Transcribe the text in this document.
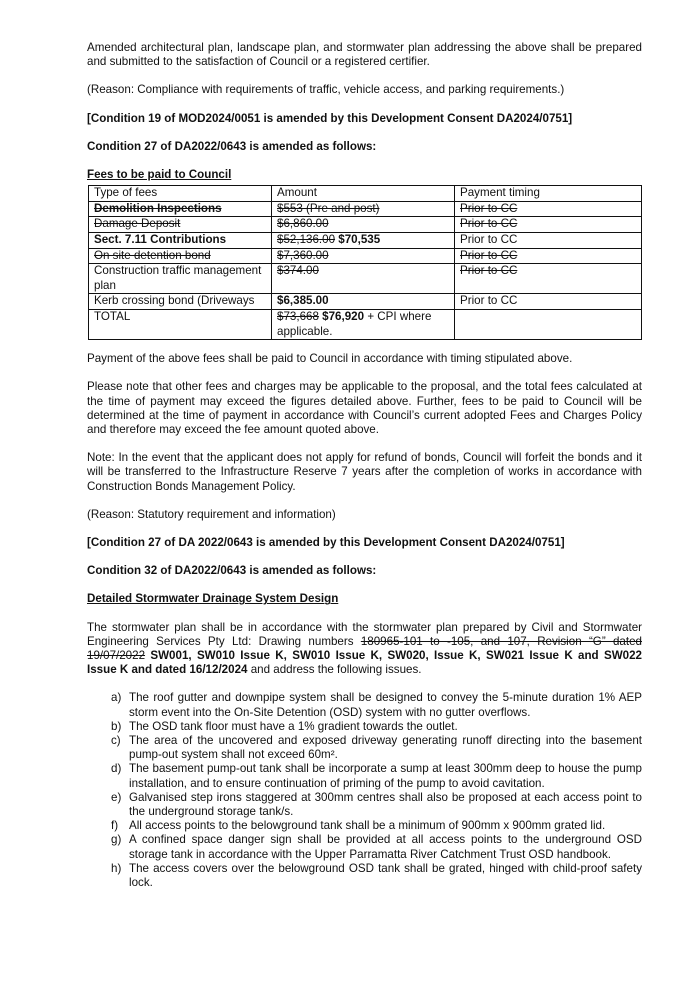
Amended architectural plan, landscape plan, and stormwater plan addressing the above shall be prepared and submitted to the satisfaction of Council or a registered certifier.

(Reason: Compliance with requirements of traffic, vehicle access, and parking requirements.)

[Condition 19 of MOD2024/0051 is amended by this Development Consent DA2024/0751]

Condition 27 of DA2022/0643 is amended as follows:

Fees to be paid to Council

Type of fees	Amount	Payment timing
Demolition Inspections	$553 (Pre and post)	Prior to CC
Damage Deposit	$6,860.00	Prior to CC
Sect. 7.11 Contributions	$52,136.00 $70,535	Prior to CC
On site detention bond	$7,360.00	Prior to CC
Construction traffic management plan	$374.00	Prior to CC
Kerb crossing bond (Driveways	$6,385.00	Prior to CC
TOTAL	$73,668 $76,920 + CPI where applicable.	

Payment of the above fees shall be paid to Council in accordance with timing stipulated above.

Please note that other fees and charges may be applicable to the proposal, and the total fees calculated at the time of payment may exceed the figures detailed above. Further, fees to be paid to Council will be determined at the time of payment in accordance with Council’s current adopted Fees and Charges Policy and therefore may exceed the fee amount quoted above.

Note: In the event that the applicant does not apply for refund of bonds, Council will forfeit the bonds and it will be transferred to the Infrastructure Reserve 7 years after the completion of works in accordance with Construction Bonds Management Policy.

(Reason: Statutory requirement and information)

[Condition 27 of DA 2022/0643 is amended by this Development Consent DA2024/0751]

Condition 32 of DA2022/0643 is amended as follows:

Detailed Stormwater Drainage System Design

The stormwater plan shall be in accordance with the stormwater plan prepared by Civil and Stormwater Engineering Services Pty Ltd: Drawing numbers 180965-101 to -105, and 107, Revision “G” dated 19/07/2022 SW001, SW010 Issue K, SW010 Issue K, SW020, Issue K, SW021 Issue K and SW022 Issue K and dated 16/12/2024 and address the following issues.

a) The roof gutter and downpipe system shall be designed to convey the 5-minute duration 1% AEP storm event into the On-Site Detention (OSD) system with no gutter overflows.
b) The OSD tank floor must have a 1% gradient towards the outlet.
c) The area of the uncovered and exposed driveway generating runoff directing into the basement pump-out system shall not exceed 60m².
d) The basement pump-out tank shall be incorporate a sump at least 300mm deep to house the pump installation, and to ensure continuation of priming of the pump to avoid cavitation.
e) Galvanised step irons staggered at 300mm centres shall also be proposed at each access point to the underground storage tank/s.
f) All access points to the belowground tank shall be a minimum of 900mm x 900mm grated lid.
g) A confined space danger sign shall be provided at all access points to the underground OSD storage tank in accordance with the Upper Parramatta River Catchment Trust OSD handbook.
h) The access covers over the belowground OSD tank shall be grated, hinged with child-proof safety lock.
